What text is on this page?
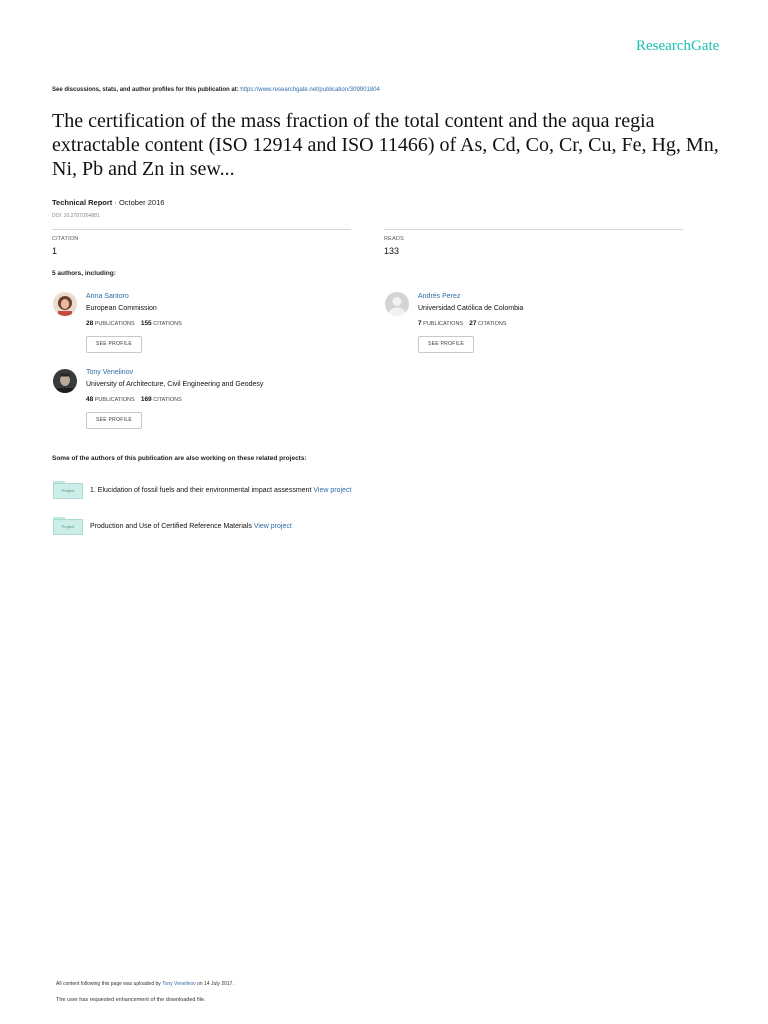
ResearchGate
See discussions, stats, and author profiles for this publication at: https://www.researchgate.net/publication/309901804
The certification of the mass fraction of the total content and the aqua regia extractable content (ISO 12914 and ISO 11466) of As, Cd, Co, Cr, Cu, Fe, Hg, Mn, Ni, Pb and Zn in sew...
Technical Report · October 2016
DOI: 10.2787/264881
CITATION
1
READS
133
5 authors, including:
Anna Santoro
European Commission
28 PUBLICATIONS 155 CITATIONS
SEE PROFILE
Andrés Perez
Universidad Católica de Colombia
7 PUBLICATIONS 27 CITATIONS
SEE PROFILE
Tony Venelinov
University of Architecture, Civil Engineering and Geodesy
48 PUBLICATIONS 169 CITATIONS
SEE PROFILE
Some of the authors of this publication are also working on these related projects:
Project	1. Elucidation of fossil fuels and their environmental impact assessment View project
Project	Production and Use of Certified Reference Materials View project
All content following this page was uploaded by Tony Venelinov on 14 July 2017.
The user has requested enhancement of the downloaded file.
